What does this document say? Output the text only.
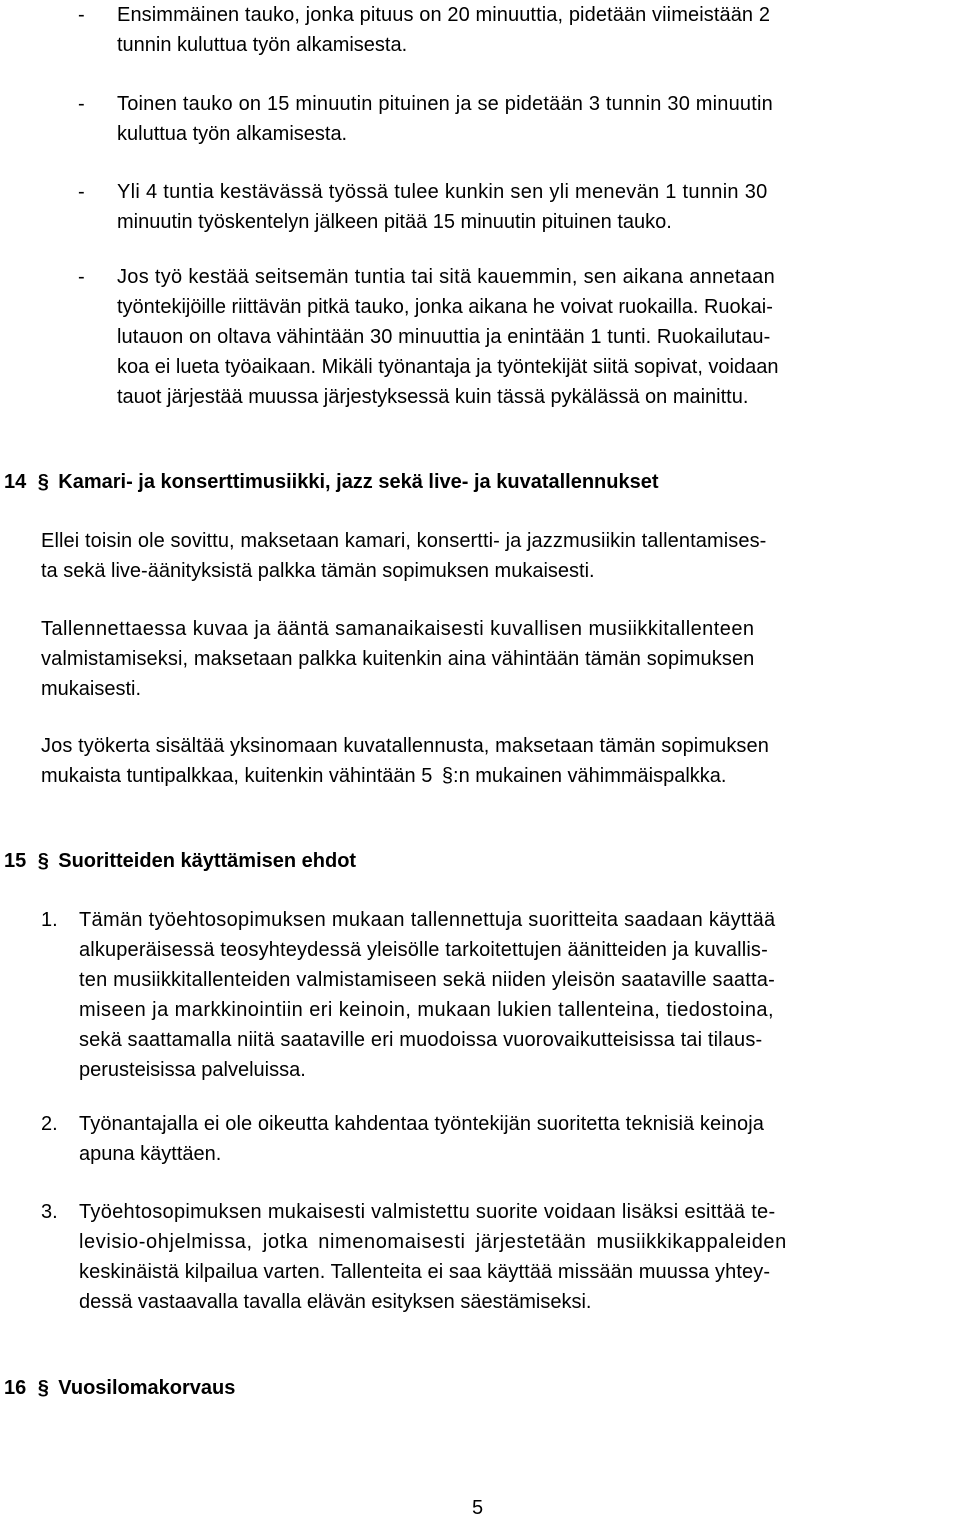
- Ensimmäinen tauko, jonka pituus on 20 minuuttia, pidetään viimeistään 2
tunnin kuluttua työn alkamisesta.
- Toinen tauko on 15 minuutin pituinen ja se pidetään 3 tunnin 30 minuutin
kuluttua työn alkamisesta.
- Yli 4 tuntia kestävässä työssä tulee kunkin sen yli menevän 1 tunnin 30
minuutin työskentelyn jälkeen pitää 15 minuutin pituinen tauko.
- Jos työ kestää seitsemän tuntia tai sitä kauemmin, sen aikana annetaan
työntekijöille riittävän pitkä tauko, jonka aikana he voivat ruokailla. Ruokai-
lutauon on oltava vähintään 30 minuuttia ja enintään 1 tunti. Ruokailutau-
koa ei lueta työaikaan. Mikäli työnantaja ja työntekijät siitä sopivat, voidaan
tauot järjestää muussa järjestyksessä kuin tässä pykälässä on mainittu.
14 § Kamari- ja konserttimusiikki, jazz sekä live- ja kuvatallennukset
Ellei toisin ole sovittu, maksetaan kamari, konsertti- ja jazzmusiikin tallentamises-
ta sekä live-äänityksistä palkka tämän sopimuksen mukaisesti.
Tallennettaessa kuvaa ja ääntä samanaikaisesti kuvallisen musiikkitallenteen
valmistamiseksi, maksetaan palkka kuitenkin aina vähintään tämän sopimuksen
mukaisesti.
Jos työkerta sisältää yksinomaan kuvatallennusta, maksetaan tämän sopimuksen
mukaista tuntipalkkaa, kuitenkin vähintään 5 §:n mukainen vähimmäispalkka.
15 § Suoritteiden käyttämisen ehdot
1. Tämän työehtosopimuksen mukaan tallennettuja suoritteita saadaan käyttää
alkuperäisessä teosyhteydessä yleisölle tarkoitettujen äänitteiden ja kuvallis-
ten musiikkitallenteiden valmistamiseen sekä niiden yleisön saataville saatta-
miseen ja markkinointiin eri keinoin, mukaan lukien tallenteina, tiedostoina,
sekä saattamalla niitä saataville eri muodoissa vuorovaikutteisissa tai tilaus-
perusteisissa palveluissa.
2. Työnantajalla ei ole oikeutta kahdentaa työntekijän suoritetta teknisiä keinoja
apuna käyttäen.
3. Työehtosopimuksen mukaisesti valmistettu suorite voidaan lisäksi esittää te-
levisio-ohjelmissa, jotka nimenomaisesti järjestetään musiikkikappaleiden
keskinäistä kilpailua varten. Tallenteita ei saa käyttää missään muussa yhtey-
dessä vastaavalla tavalla elävän esityksen säestämiseksi.
16 § Vuosilomakorvaus
5
